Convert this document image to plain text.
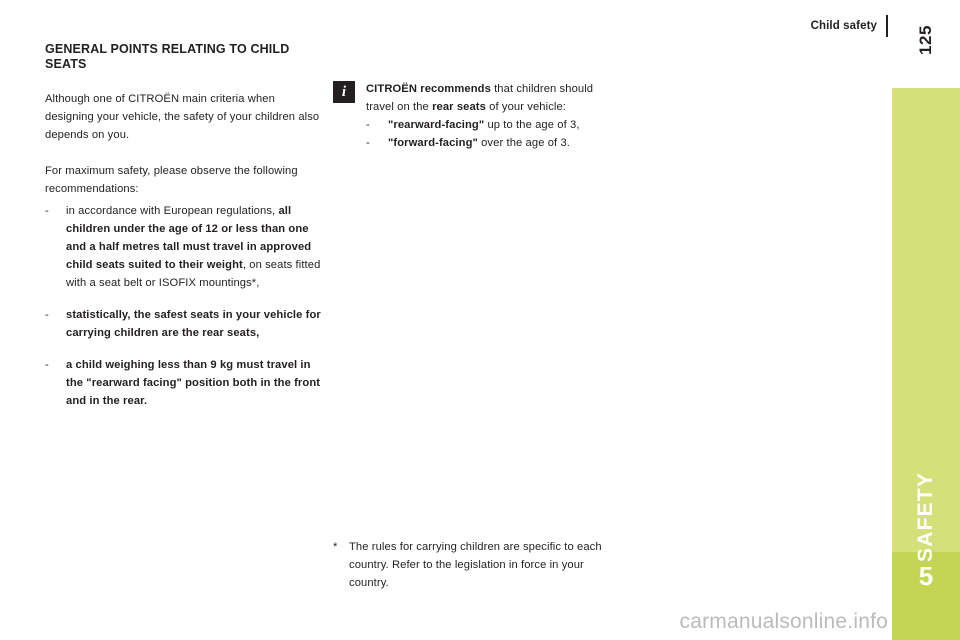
Child safety	125
SAFETY
5
GENERAL POINTS RELATING TO CHILD SEATS

Although one of CITROËN main criteria when designing your vehicle, the safety of your children also depends on you.

For maximum safety, please observe the following recommendations:

- in accordance with European regulations, all children under the age of 12 or less than one and a half metres tall must travel in approved child seats suited to their weight, on seats fitted with a seat belt or ISOFIX mountings*,
- statistically, the safest seats in your vehicle for carrying children are the rear seats,
- a child weighing less than 9 kg must travel in the "rearward facing" position both in the front and in the rear.
i CITROËN recommends that children should travel on the rear seats of your vehicle:

- "rearward-facing" up to the age of 3,
- "forward-facing" over the age of 3.
*	The rules for carrying children are specific to each country. Refer to the legislation in force in your country.
carmanualsonline.info
